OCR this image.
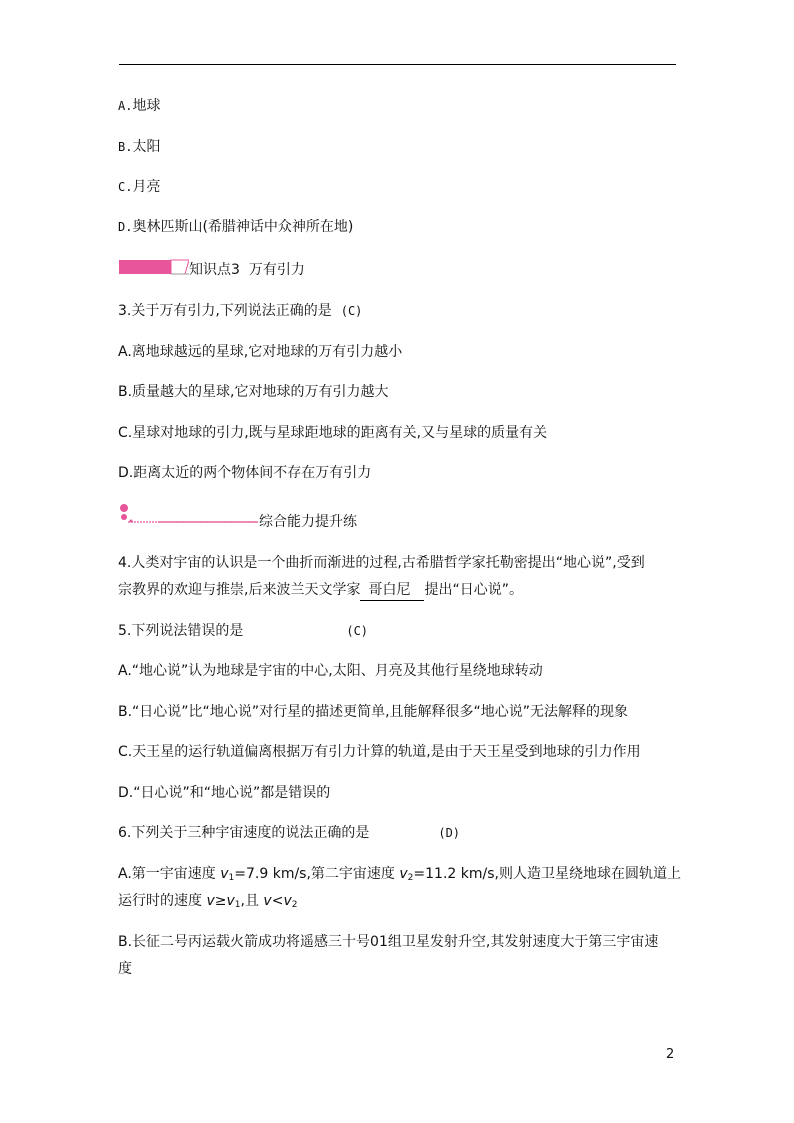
A.地球
B.太阳
C.月亮
D.奥林匹斯山(希腊神话中众神所在地)
知识点3 万有引力
3.关于万有引力,下列说法正确的是 (C)
A.离地球越远的星球,它对地球的万有引力越小
B.质量越大的星球,它对地球的万有引力越大
C.星球对地球的引力,既与星球距地球的距离有关,又与星球的质量有关
D.距离太近的两个物体间不存在万有引力
综合能力提升练
4.人类对宇宙的认识是一个曲折而渐进的过程,古希腊哲学家托勒密提出“地心说”,受到
宗教界的欢迎与推崇,后来波兰天文学家 哥白尼 提出“日心说”。
5.下列说法错误的是	(C)
A.“地心说”认为地球是宇宙的中心,太阳、月亮及其他行星绕地球转动
B.“日心说”比“地心说”对行星的描述更简单,且能解释很多“地心说”无法解释的现象
C.天王星的运行轨道偏离根据万有引力计算的轨道,是由于天王星受到地球的引力作用
D.“日心说”和“地心说”都是错误的
6.下列关于三种宇宙速度的说法正确的是	(D)
A.第一宇宙速度 $v_1=7.9$ km/s,第二宇宙速度 $v_2=11.2$ km/s,则人造卫星绕地球在圆轨道上
运行时的速度 $v\ge v_1$,且 $v<v_2$
B.长征二号丙运载火箭成功将遥感三十号01组卫星发射升空,其发射速度大于第三宇宙速
度
2
